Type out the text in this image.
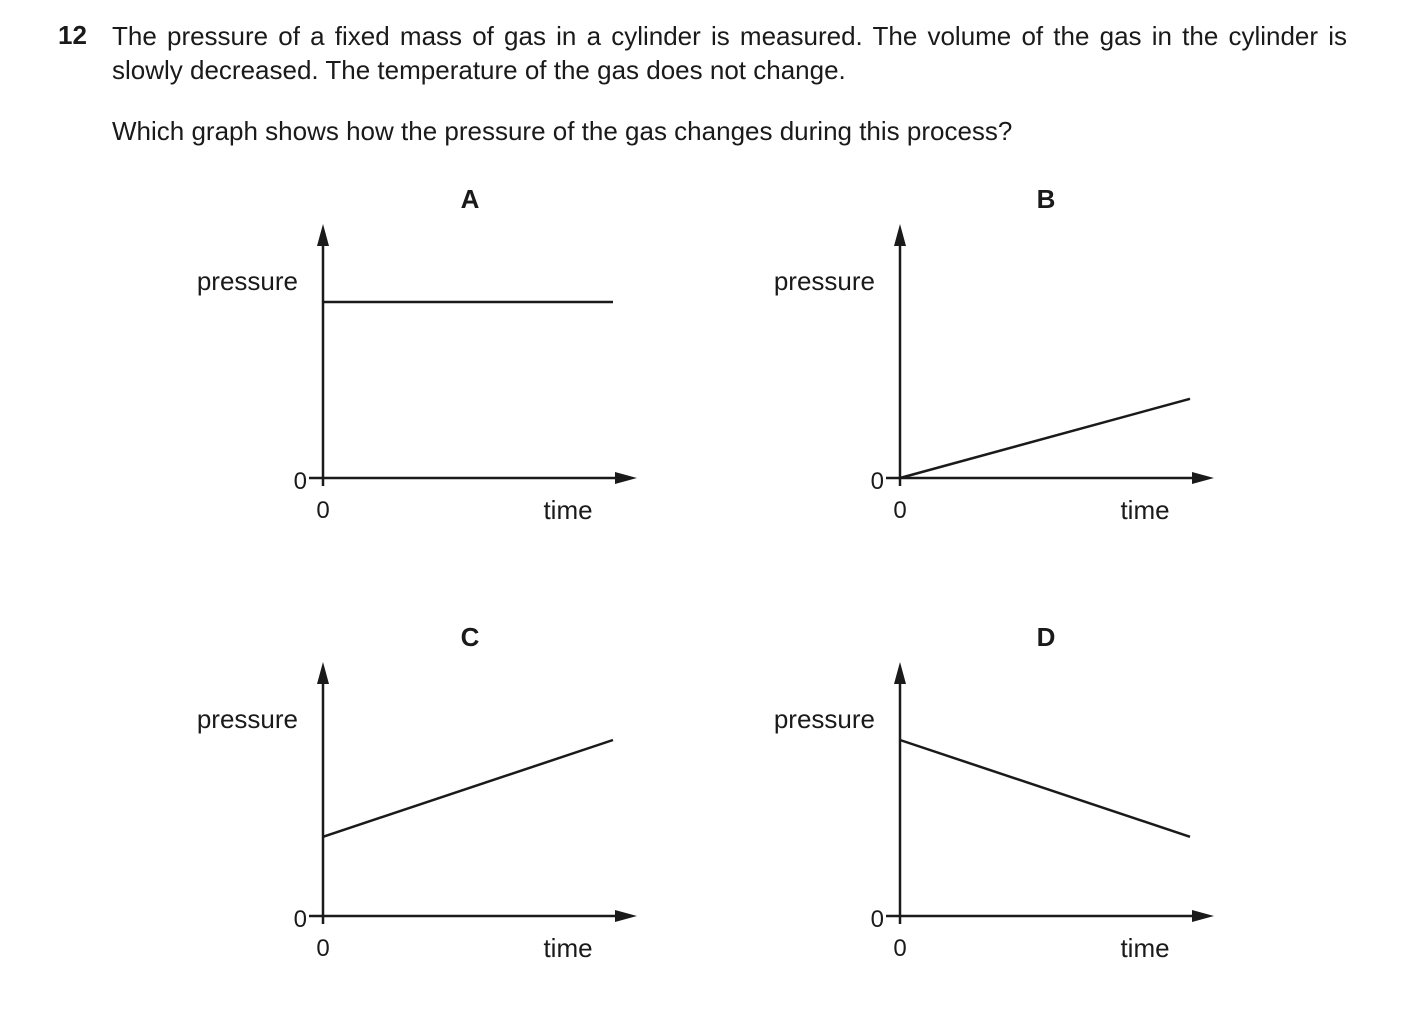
12 The pressure of a fixed mass of gas in a cylinder is measured. The volume of the gas in the cylinder is slowly decreased. The temperature of the gas does not change.
Which graph shows how the pressure of the gas changes during this process?
A
0
0
pressure
time
B
0
0
pressure
time
C
0
0
pressure
time
D
0
0
pressure
time
